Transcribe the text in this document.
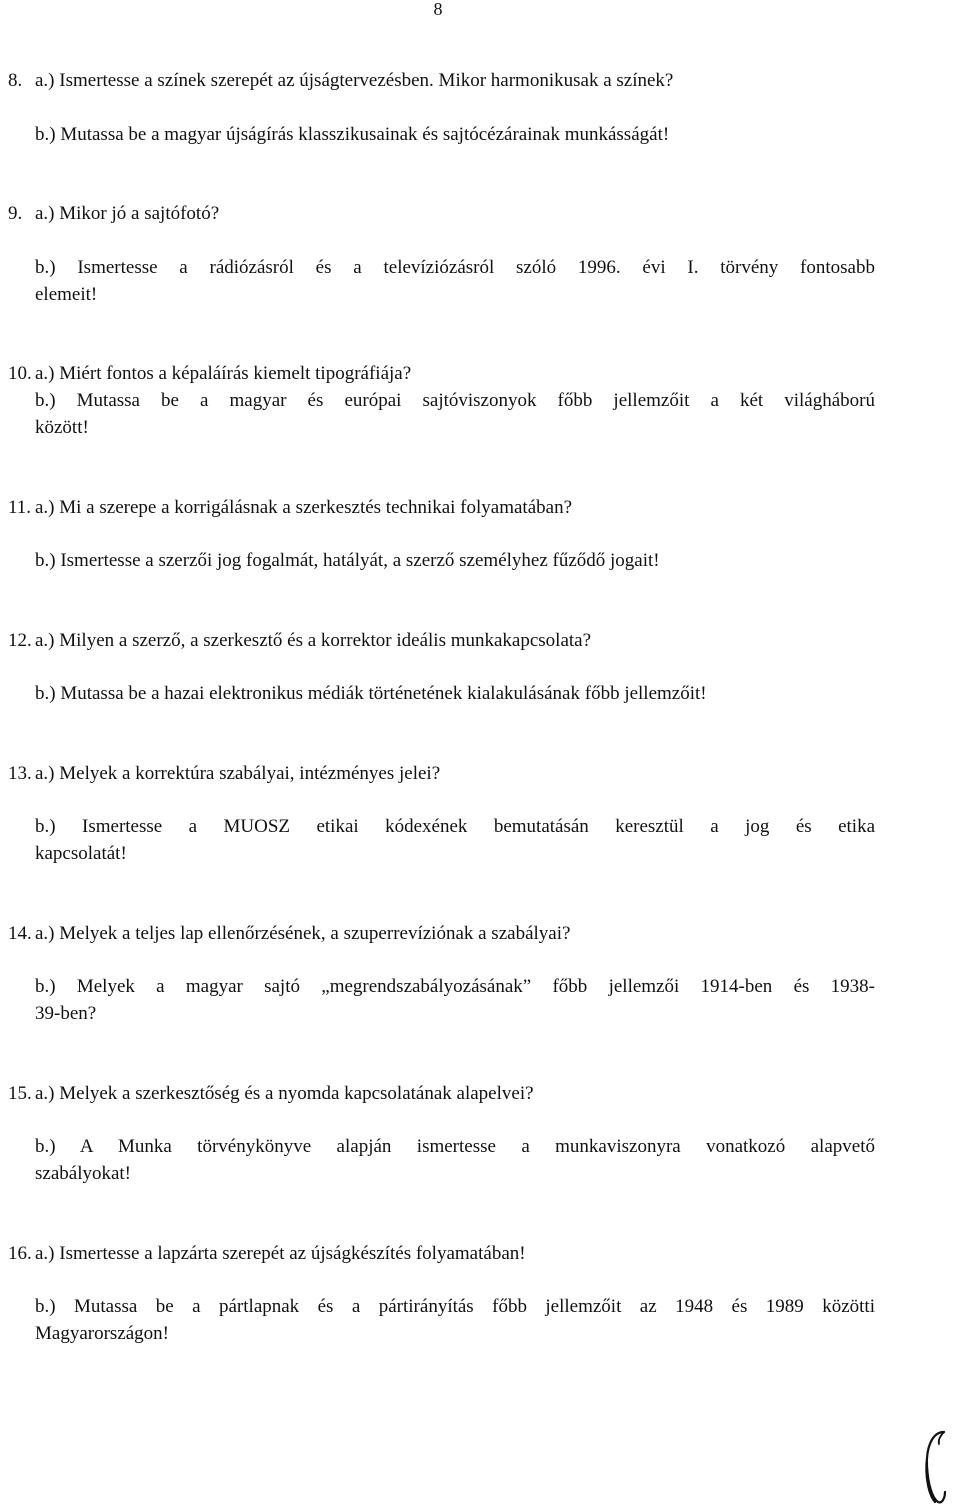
8
8. a.) Ismertesse a színek szerepét az újságtervezésben. Mikor harmonikusak a színek?
b.) Mutassa be a magyar újságírás klasszikusainak és sajtócézárainak munkásságát!
9. a.) Mikor jó a sajtófotó?
b.) Ismertesse a rádiózásról és a televíziózásról szóló 1996. évi I. törvény fontosabb
elemeit!
10. a.) Miért fontos a képaláírás kiemelt tipográfiája?
b.) Mutassa be a magyar és európai sajtóviszonyok főbb jellemzőit a két világháború
között!
11. a.) Mi a szerepe a korrigálásnak a szerkesztés technikai folyamatában?
b.) Ismertesse a szerzői jog fogalmát, hatályát, a szerző személyhez fűződő jogait!
12. a.) Milyen a szerző, a szerkesztő és a korrektor ideális munkakapcsolata?
b.) Mutassa be a hazai elektronikus médiák történetének kialakulásának főbb jellemzőit!
13. a.) Melyek a korrektúra szabályai, intézményes jelei?
b.) Ismertesse a MUOSZ etikai kódexének bemutatásán keresztül a jog és etika
kapcsolatát!
14. a.) Melyek a teljes lap ellenőrzésének, a szuperrevíziónak a szabályai?
b.) Melyek a magyar sajtó „megrendszabályozásának” főbb jellemzői 1914-ben és 1938-
39-ben?
15. a.) Melyek a szerkesztőség és a nyomda kapcsolatának alapelvei?
b.) A Munka törvénykönyve alapján ismertesse a munkaviszonyra vonatkozó alapvető
szabályokat!
16. a.) Ismertesse a lapzárta szerepét az újságkészítés folyamatában!
b.) Mutassa be a pártlapnak és a pártirányítás főbb jellemzőit az 1948 és 1989 közötti
Magyarországon!
